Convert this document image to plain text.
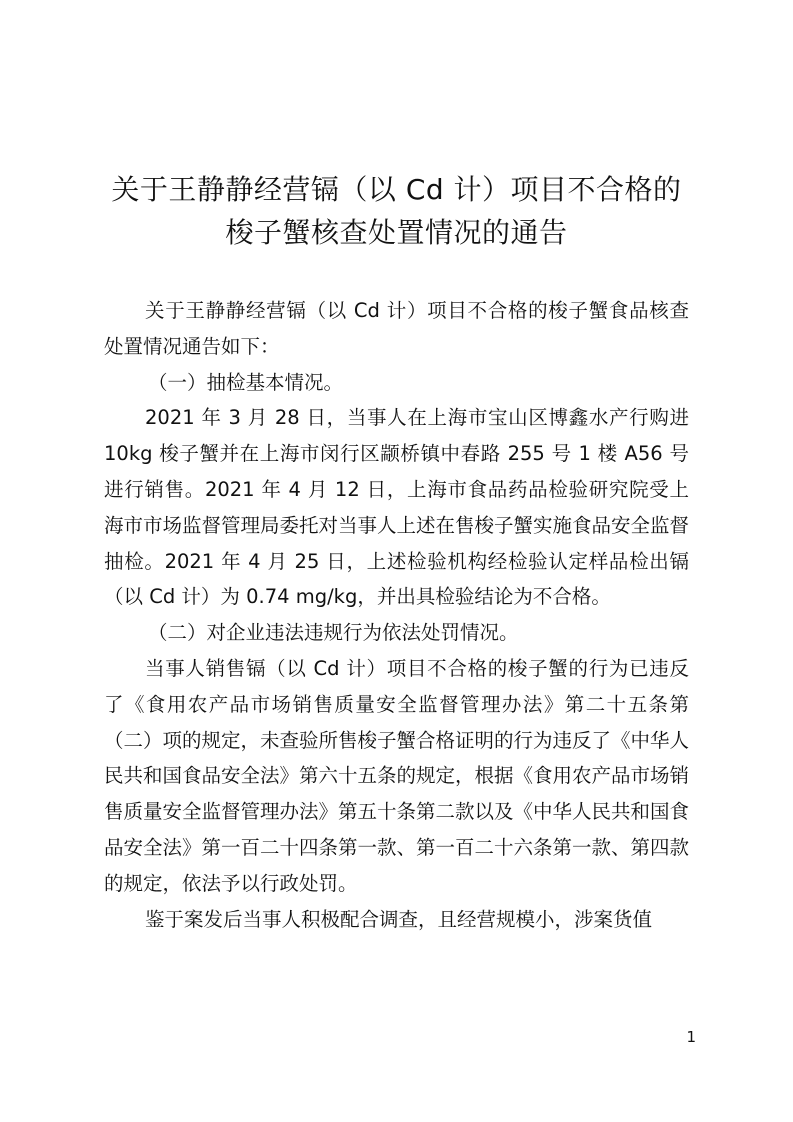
关于王静静经营镉（以 Cd 计）项目不合格的
梭子蟹核查处置情况的通告

关于王静静经营镉（以 Cd 计）项目不合格的梭子蟹食品核查处置情况通告如下：

（一）抽检基本情况。

2021 年 3 月 28 日，当事人在上海市宝山区博鑫水产行购进 10kg 梭子蟹并在上海市闵行区颛桥镇中春路 255 号 1 楼 A56 号进行销售。2021 年 4 月 12 日，上海市食品药品检验研究院受上海市市场监督管理局委托对当事人上述在售梭子蟹实施食品安全监督抽检。2021 年 4 月 25 日，上述检验机构经检验认定样品检出镉（以 Cd 计）为 0.74 mg/kg，并出具检验结论为不合格。

（二）对企业违法违规行为依法处罚情况。

当事人销售镉（以 Cd 计）项目不合格的梭子蟹的行为已违反了《食用农产品市场销售质量安全监督管理办法》第二十五条第（二）项的规定，未查验所售梭子蟹合格证明的行为违反了《中华人民共和国食品安全法》第六十五条的规定，根据《食用农产品市场销售质量安全监督管理办法》第五十条第二款以及《中华人民共和国食品安全法》第一百二十四条第一款、第一百二十六条第一款、第四款的规定，依法予以行政处罚。

鉴于案发后当事人积极配合调查，且经营规模小，涉案货值

1
